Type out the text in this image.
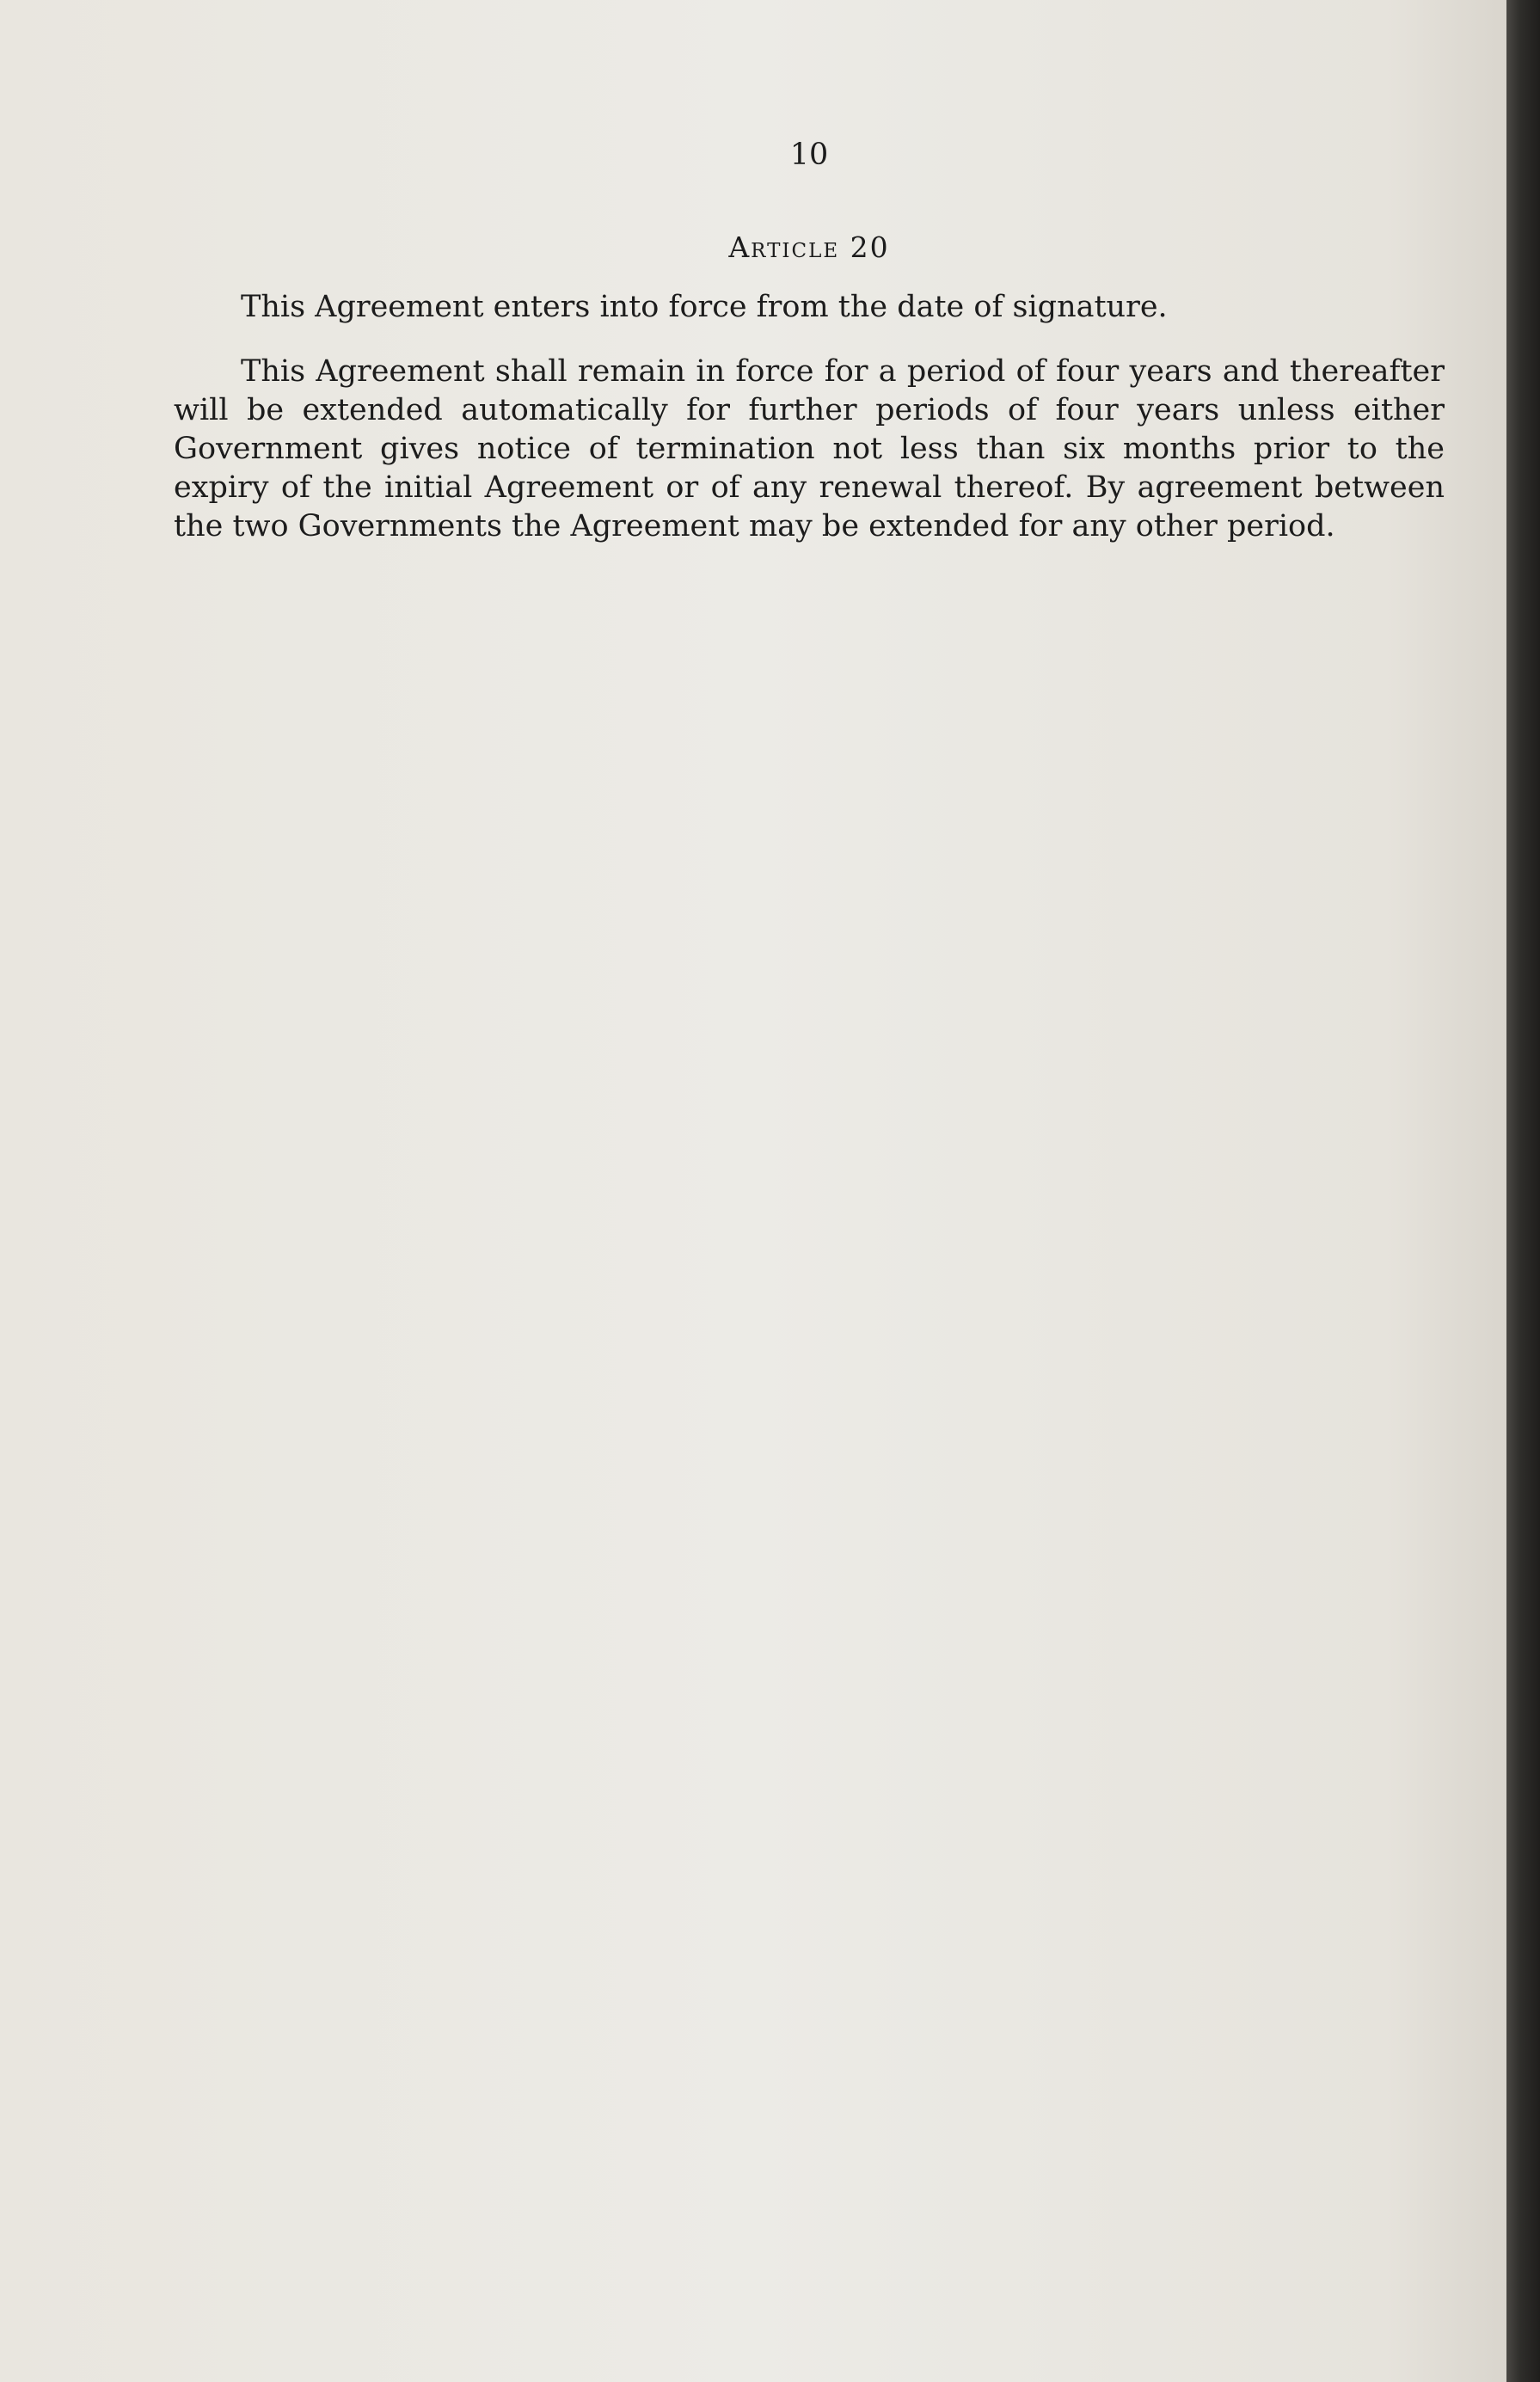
10
Article 20

This Agreement enters into force from the date of signature.

This Agreement shall remain in force for a period of four years and thereafter will be extended automatically for further periods of four years unless either Government gives notice of termination not less than six months prior to the expiry of the initial Agreement or of any renewal thereof. By agreement between the two Governments the Agreement may be extended for any other period.
